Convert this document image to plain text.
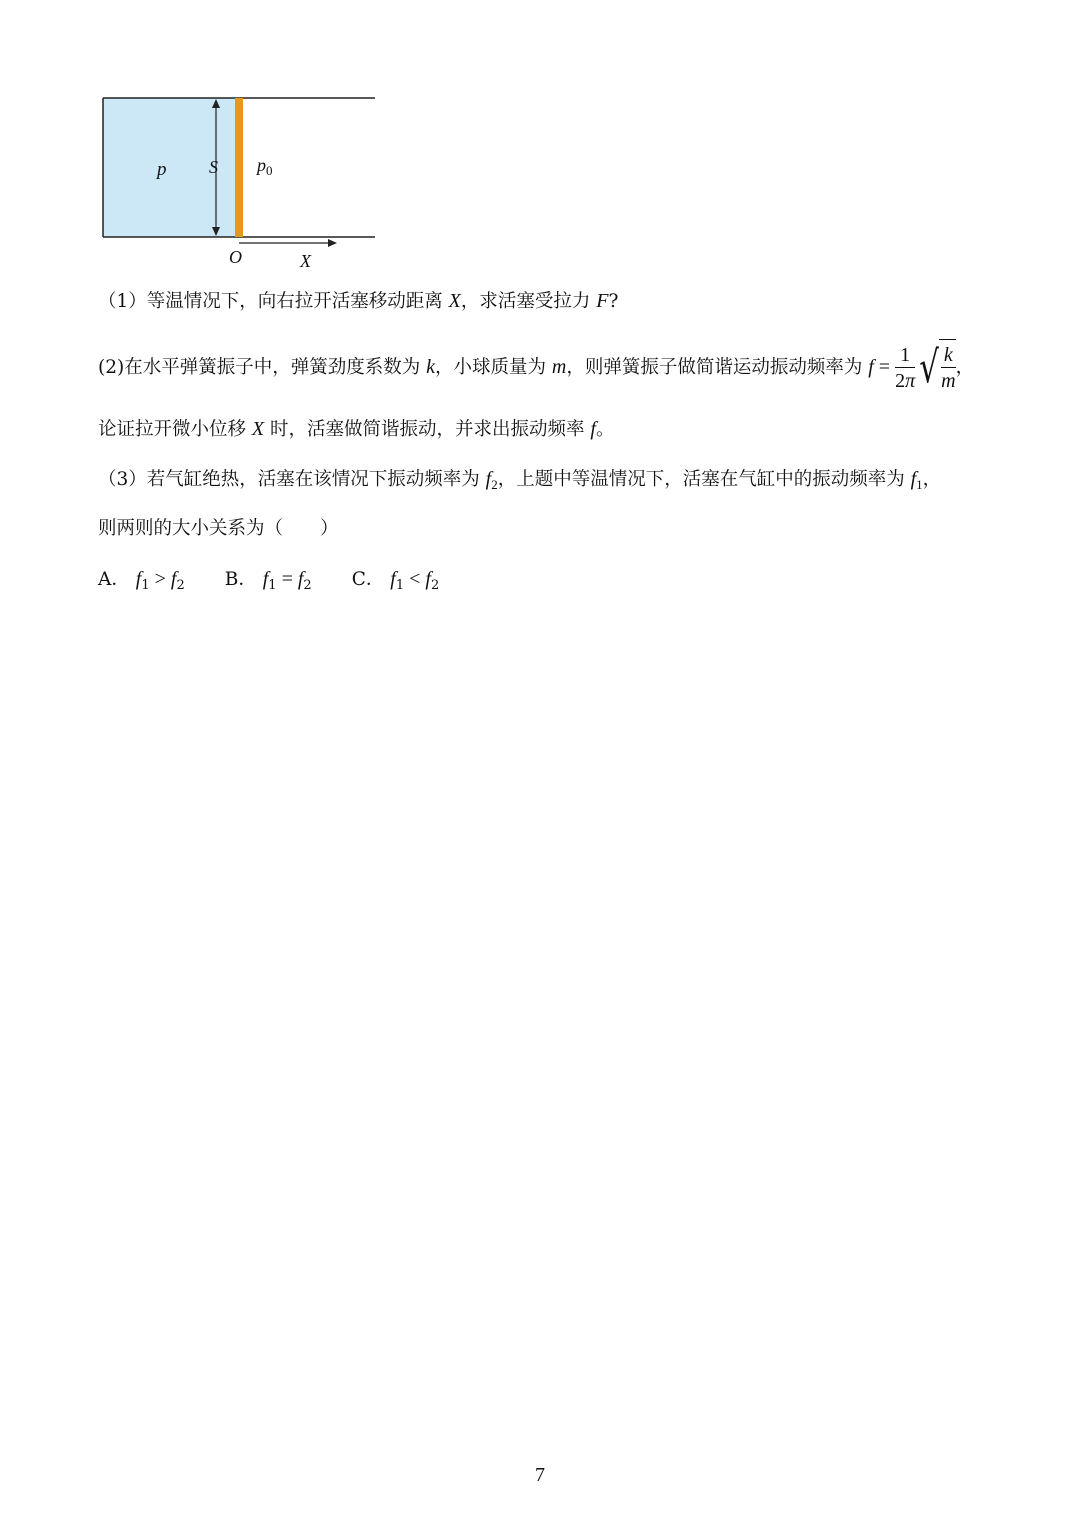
p S $p_0$
O	X
（1）等温情况下，向右拉开活塞移动距离 X，求活塞受拉力 F?
(2)在水平弹簧振子中，弹簧劲度系数为 k，小球质量为 m，则弹簧振子做简谐运动振动频率为 $f = \frac{1}{2\pi}$ √ $\frac{k}{m}$ ，
论证拉开微小位移 X 时，活塞做简谐振动，并求出振动频率 f。
（3）若气缸绝热，活塞在该情况下振动频率为 $f_2$，上题中等温情况下，活塞在气缸中的振动频率为 $f_1$，
则两则的大小关系为（　　）
A． $f_1 > f_2$ B． $f_1 = f_2$ C． $f_1 < f_2$
7
